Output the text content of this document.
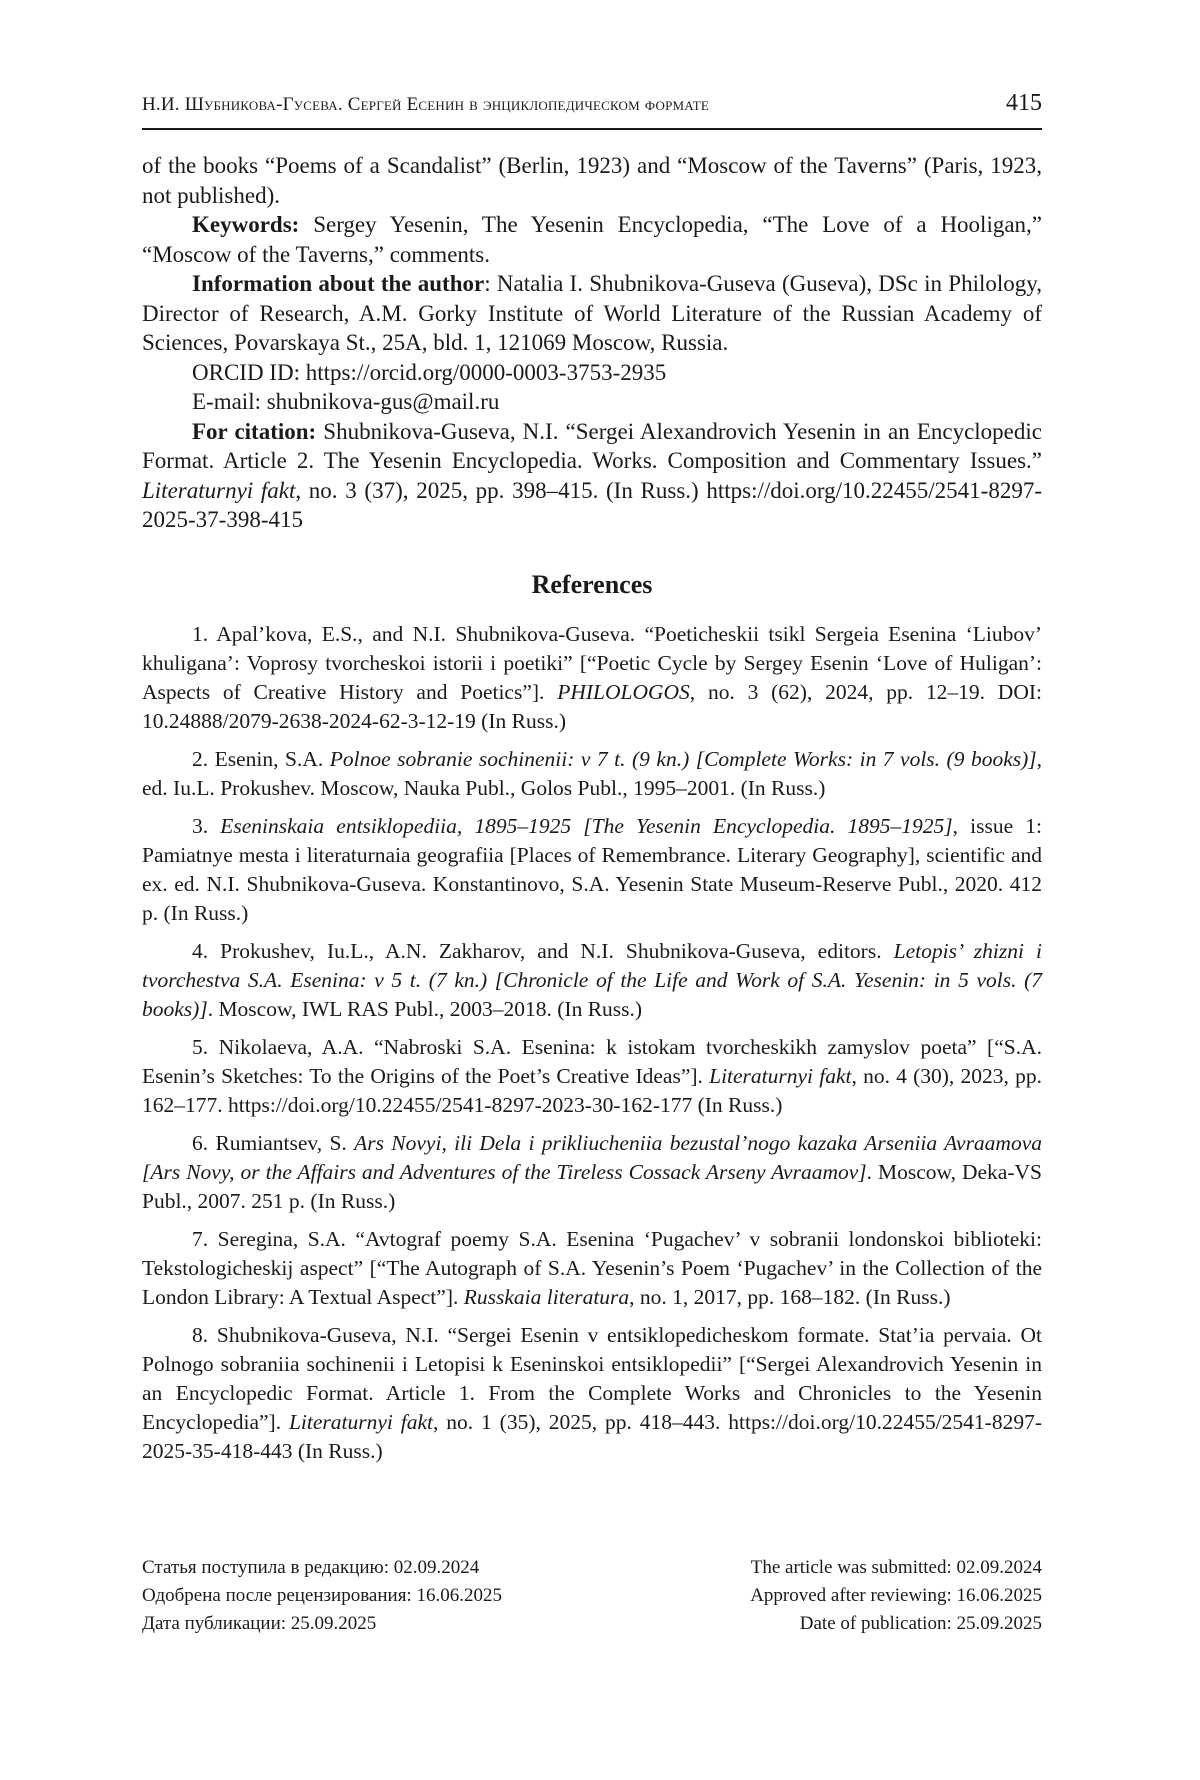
Н.И. Шубникова-Гусева. Сергей Есенин в энциклопедическом формате	415

of the books “Poems of a Scandalist” (Berlin, 1923) and “Moscow of the Taverns” (Paris, 1923, not published).

Keywords: Sergey Yesenin, The Yesenin Encyclopedia, “The Love of a Hooligan,” “Moscow of the Taverns,” comments.

Information about the author: Natalia I. Shubnikova-Guseva (Guseva), DSc in Philology, Director of Research, A.M. Gorky Institute of World Literature of the Russian Academy of Sciences, Povarskaya St., 25A, bld. 1, 121069 Moscow, Russia.

ORCID ID: https://orcid.org/0000-0003-3753-2935

E-mail: shubnikova-gus@mail.ru

For citation: Shubnikova-Guseva, N.I. “Sergei Alexandrovich Yesenin in an Encyclopedic Format. Article 2. The Yesenin Encyclopedia. Works. Composition and Commentary Issues.” Literaturnyi fakt, no. 3 (37), 2025, pp. 398–415. (In Russ.) https://doi.org/10.22455/2541-8297-2025-37-398-415

References

1. Apal’kova, E.S., and N.I. Shubnikova-Guseva. “Poeticheskii tsikl Sergeia Esenina ‘Liubov’ khuligana’: Voprosy tvorcheskoi istorii i poetiki” [“Poetic Cycle by Sergey Esenin ‘Love of Huligan’: Aspects of Creative History and Poetics”]. PHILOLOGOS, no. 3 (62), 2024, pp. 12–19. DOI: 10.24888/2079-2638-2024-62-3-12-19 (In Russ.)

2. Esenin, S.A. Polnoe sobranie sochinenii: v 7 t. (9 kn.) [Complete Works: in 7 vols. (9 books)], ed. Iu.L. Prokushev. Moscow, Nauka Publ., Golos Publ., 1995–2001. (In Russ.)

3. Eseninskaia entsiklopediia, 1895–1925 [The Yesenin Encyclopedia. 1895–1925], issue 1: Pamiatnye mesta i literaturnaia geografiia [Places of Remembrance. Literary Geography], scientific and ex. ed. N.I. Shubnikova-Guseva. Konstantinovo, S.A. Yesenin State Museum-Reserve Publ., 2020. 412 p. (In Russ.)

4. Prokushev, Iu.L., A.N. Zakharov, and N.I. Shubnikova-Guseva, editors. Letopis’ zhizni i tvorchestva S.A. Esenina: v 5 t. (7 kn.) [Chronicle of the Life and Work of S.A. Yesenin: in 5 vols. (7 books)]. Moscow, IWL RAS Publ., 2003–2018. (In Russ.)

5. Nikolaeva, A.A. “Nabroski S.A. Esenina: k istokam tvorcheskikh zamyslov poeta” [“S.A. Esenin’s Sketches: To the Origins of the Poet’s Creative Ideas”]. Literaturnyi fakt, no. 4 (30), 2023, pp. 162–177. https://doi.org/10.22455/2541-8297-2023-30-162-177 (In Russ.)

6. Rumiantsev, S. Ars Novyi, ili Dela i prikliucheniia bezustal’nogo kazaka Arseniia Avraamova [Ars Novy, or the Affairs and Adventures of the Tireless Cossack Arseny Avraamov]. Moscow, Deka-VS Publ., 2007. 251 p. (In Russ.)

7. Seregina, S.A. “Avtograf poemy S.A. Esenina ‘Pugachev’ v sobranii londonskoi biblioteki: Tekstologicheskij aspect” [“The Autograph of S.A. Yesenin’s Poem ‘Pugachev’ in the Collection of the London Library: A Textual Aspect”]. Russkaia literatura, no. 1, 2017, pp. 168–182. (In Russ.)

8. Shubnikova-Guseva, N.I. “Sergei Esenin v entsiklopedicheskom formate. Stat’ia pervaia. Ot Polnogo sobraniia sochinenii i Letopisi k Eseninskoi entsiklopedii” [“Sergei Alexandrovich Yesenin in an Encyclopedic Format. Article 1. From the Complete Works and Chronicles to the Yesenin Encyclopedia”]. Literaturnyi fakt, no. 1 (35), 2025, pp. 418–443. https://doi.org/10.22455/2541-8297-2025-35-418-443 (In Russ.)

Статья поступила в редакцию: 02.09.2024	The article was submitted: 02.09.2024
Одобрена после рецензирования: 16.06.2025	Approved after reviewing: 16.06.2025
Дата публикации: 25.09.2025	Date of publication: 25.09.2025
